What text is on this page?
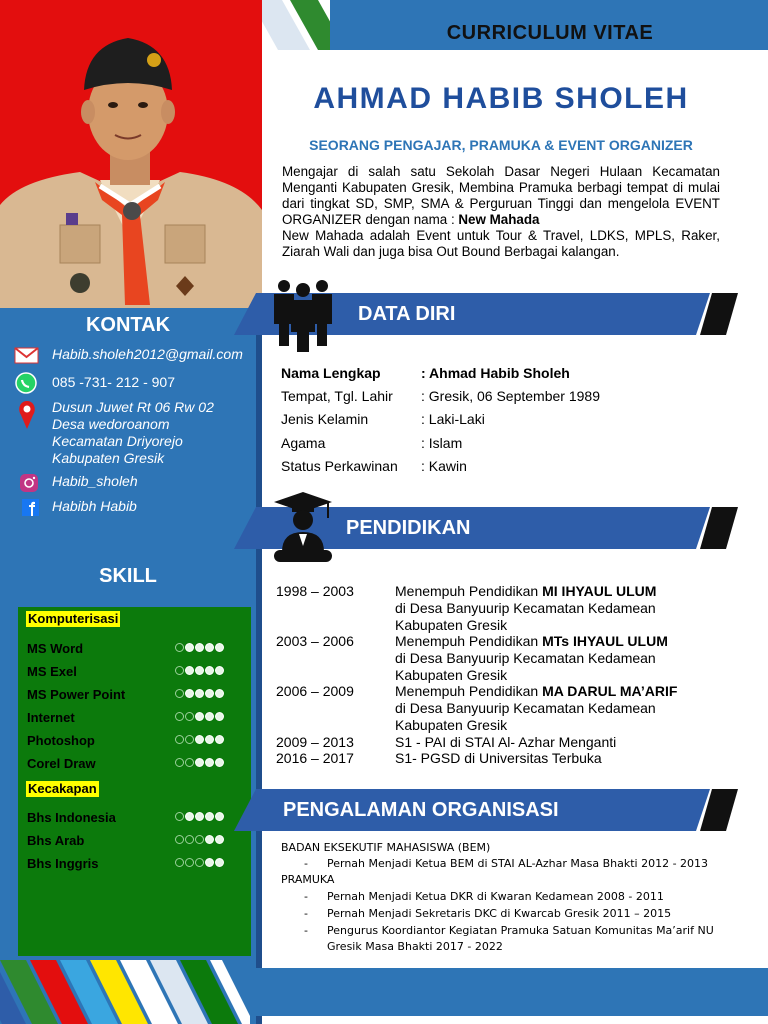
CURRICULUM VITAE
KONTAK
Habib.sholeh2012@gmail.com
085 -731- 212 - 907
Dusun Juwet Rt 06 Rw 02
Desa wedoroanom
Kecamatan Driyorejo
Kabupaten Gresik
Habib_sholeh
Habibh Habib
SKILL
Komputerisasi
MS Word
MS Exel
MS Power Point
Internet
Photoshop
Corel Draw
Kecakapan
Bhs Indonesia
Bhs Arab
Bhs Inggris
AHMAD HABIB SHOLEH
SEORANG PENGAJAR, PRAMUKA & EVENT ORGANIZER
Mengajar di salah satu Sekolah Dasar Negeri Hulaan Kecamatan Menganti Kabupaten Gresik, Membina Pramuka berbagi tempat di mulai dari tingkat SD, SMP, SMA & Perguruan Tinggi dan mengelola EVENT ORGANIZER dengan nama : New Mahada
New Mahada adalah Event untuk Tour & Travel, LDKS, MPLS, Raker, Ziarah Wali dan juga bisa Out Bound Berbagai kalangan.
DATA DIRI
Nama Lengkap	: Ahmad Habib Sholeh
Tempat, Tgl. Lahir : Gresik, 06 September 1989
Jenis Kelamin	: Laki-Laki
Agama	: Islam
Status Perkawinan : Kawin
PENDIDIKAN
1998 – 2003	Menempuh Pendidikan MI IHYAUL ULUM
di Desa Banyuurip Kecamatan Kedamean Kabupaten Gresik
2003 – 2006	Menempuh Pendidikan MTs IHYAUL ULUM
di Desa Banyuurip Kecamatan Kedamean Kabupaten Gresik
2006 – 2009	Menempuh Pendidikan MA DARUL MA’ARIF
di Desa Banyuurip Kecamatan Kedamean Kabupaten Gresik
2009 – 2013	S1 - PAI di STAI Al- Azhar Menganti
2016 – 2017	S1- PGSD di Universitas Terbuka
PENGALAMAN ORGANISASI
BADAN EKSEKUTIF MAHASISWA (BEM)
- Pernah Menjadi Ketua BEM di STAI AL-Azhar Masa Bhakti 2012 - 2013
PRAMUKA
- Pernah Menjadi Ketua DKR di Kwaran Kedamean 2008 - 2011
- Pernah Menjadi Sekretaris DKC di Kwarcab Gresik 2011 – 2015
- Pengurus Koordiantor Kegiatan Pramuka Satuan Komunitas Ma’arif NU Gresik Masa Bhakti 2017 - 2022
